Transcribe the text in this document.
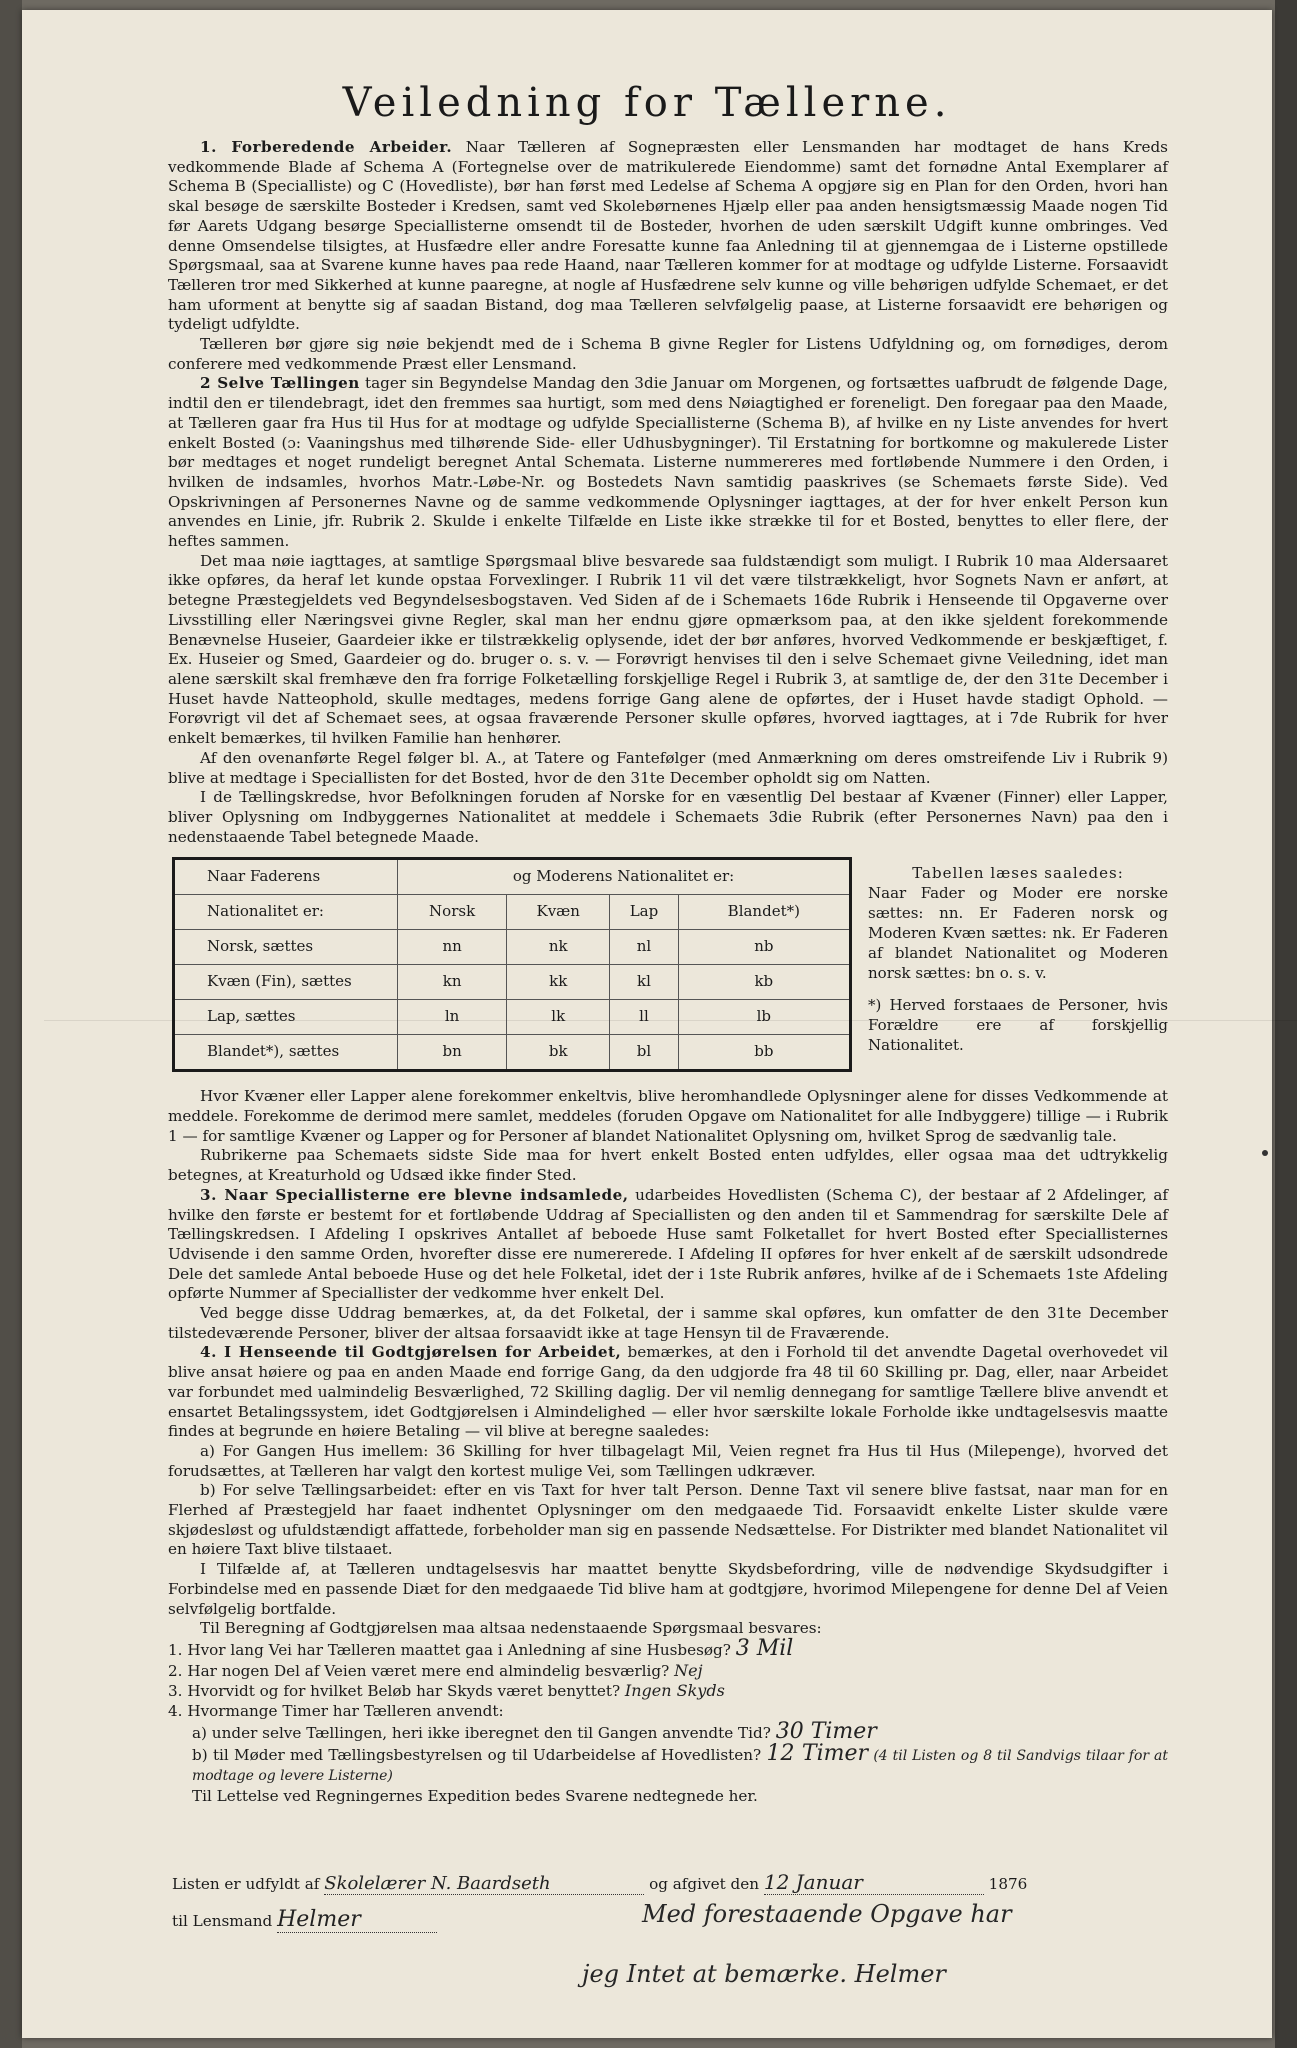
Veiledning for Tællerne.

1. Forberedende Arbeider. Naar Tælleren af Sognepræsten eller Lensmanden har modtaget de hans Kreds vedkommende Blade af Schema A (Fortegnelse over de matrikulerede Eiendomme) samt det fornødne Antal Exemplarer af Schema B (Specialliste) og C (Hovedliste), bør han først med Ledelse af Schema A opgjøre sig en Plan for den Orden, hvori han skal besøge de særskilte Bosteder i Kredsen, samt ved Skolebørnenes Hjælp eller paa anden hensigtsmæssig Maade nogen Tid før Aarets Udgang besørge Speciallisterne omsendt til de Bosteder, hvorhen de uden særskilt Udgift kunne ombringes. Ved denne Omsendelse tilsigtes, at Husfædre eller andre Foresatte kunne faa Anledning til at gjennemgaa de i Listerne opstillede Spørgsmaal, saa at Svarene kunne haves paa rede Haand, naar Tælleren kommer for at modtage og udfylde Listerne. Forsaavidt Tælleren tror med Sikkerhed at kunne paaregne, at nogle af Husfædrene selv kunne og ville behørigen udfylde Schemaet, er det ham uforment at benytte sig af saadan Bistand, dog maa Tælleren selvfølgelig paase, at Listerne forsaavidt ere behørigen og tydeligt udfyldte.

Tælleren bør gjøre sig nøie bekjendt med de i Schema B givne Regler for Listens Udfyldning og, om fornødiges, derom conferere med vedkommende Præst eller Lensmand.

2 Selve Tællingen tager sin Begyndelse Mandag den 3die Januar om Morgenen, og fortsættes uafbrudt de følgende Dage, indtil den er tilendebragt, idet den fremmes saa hurtigt, som med dens Nøiagtighed er foreneligt. Den foregaar paa den Maade, at Tælleren gaar fra Hus til Hus for at modtage og udfylde Speciallisterne (Schema B), af hvilke en ny Liste anvendes for hvert enkelt Bosted (ɔ: Vaaningshus med tilhørende Side- eller Udhusbygninger). Til Erstatning for bortkomne og makulerede Lister bør medtages et noget rundeligt beregnet Antal Schemata. Listerne nummereres med fortløbende Nummere i den Orden, i hvilken de indsamles, hvorhos Matr.-Løbe-Nr. og Bostedets Navn samtidig paaskrives (se Schemaets første Side). Ved Opskrivningen af Personernes Navne og de samme vedkommende Oplysninger iagttages, at der for hver enkelt Person kun anvendes en Linie, jfr. Rubrik 2. Skulde i enkelte Tilfælde en Liste ikke strække til for et Bosted, benyttes to eller flere, der heftes sammen.

Det maa nøie iagttages, at samtlige Spørgsmaal blive besvarede saa fuldstændigt som muligt. I Rubrik 10 maa Aldersaaret ikke opføres, da heraf let kunde opstaa Forvexlinger. I Rubrik 11 vil det være tilstrækkeligt, hvor Sognets Navn er anført, at betegne Præstegjeldets ved Begyndelsesbogstaven. Ved Siden af de i Schemaets 16de Rubrik i Henseende til Opgaverne over Livsstilling eller Næringsvei givne Regler, skal man her endnu gjøre opmærksom paa, at den ikke sjeldent forekommende Benævnelse Huseier, Gaardeier ikke er tilstrækkelig oplysende, idet der bør anføres, hvorved Vedkommende er beskjæftiget, f. Ex. Huseier og Smed, Gaardeier og do. bruger o. s. v. — Forøvrigt henvises til den i selve Schemaet givne Veiledning, idet man alene særskilt skal fremhæve den fra forrige Folketælling forskjellige Regel i Rubrik 3, at samtlige de, der den 31te December i Huset havde Natteophold, skulle medtages, medens forrige Gang alene de opførtes, der i Huset havde stadigt Ophold. — Forøvrigt vil det af Schemaet sees, at ogsaa fraværende Personer skulle opføres, hvorved iagttages, at i 7de Rubrik for hver enkelt bemærkes, til hvilken Familie han henhører.

Af den ovenanførte Regel følger bl. A., at Tatere og Fantefølger (med Anmærkning om deres omstreifende Liv i Rubrik 9) blive at medtage i Speciallisten for det Bosted, hvor de den 31te December opholdt sig om Natten.

I de Tællingskredse, hvor Befolkningen foruden af Norske for en væsentlig Del bestaar af Kvæner (Finner) eller Lapper, bliver Oplysning om Indbyggernes Nationalitet at meddele i Schemaets 3die Rubrik (efter Personernes Navn) paa den i nedenstaaende Tabel betegnede Maade.

Naar Faderens	og Moderens Nationalitet er:			
Nationalitet er:	Norsk	Kvæn	Lap	Blandet*)
Norsk, sættes	nn	nk	nl	nb
Kvæn (Fin), sættes	kn	kk	kl	kb
Lap, sættes	ln	lk	ll	lb
Blandet*), sættes	bn	bk	bl	bb

Tabellen læses saaledes:

Naar Fader og Moder ere norske sættes: nn. Er Faderen norsk og Moderen Kvæn sættes: nk. Er Faderen af blandet Nationalitet og Moderen norsk sættes: bn o. s. v.

*) Herved forstaaes de Personer, hvis Forældre ere af forskjellig Nationalitet.

Hvor Kvæner eller Lapper alene forekommer enkeltvis, blive heromhandlede Oplysninger alene for disses Vedkommende at meddele. Forekomme de derimod mere samlet, meddeles (foruden Opgave om Nationalitet for alle Indbyggere) tillige — i Rubrik 1 — for samtlige Kvæner og Lapper og for Personer af blandet Nationalitet Oplysning om, hvilket Sprog de sædvanlig tale.

Rubrikerne paa Schemaets sidste Side maa for hvert enkelt Bosted enten udfyldes, eller ogsaa maa det udtrykkelig betegnes, at Kreaturhold og Udsæd ikke finder Sted.

3. Naar Speciallisterne ere blevne indsamlede, udarbeides Hovedlisten (Schema C), der bestaar af 2 Afdelinger, af hvilke den første er bestemt for et fortløbende Uddrag af Speciallisten og den anden til et Sammendrag for særskilte Dele af Tællingskredsen. I Afdeling I opskrives Antallet af beboede Huse samt Folketallet for hvert Bosted efter Speciallisternes Udvisende i den samme Orden, hvorefter disse ere numererede. I Afdeling II opføres for hver enkelt af de særskilt udsondrede Dele det samlede Antal beboede Huse og det hele Folketal, idet der i 1ste Rubrik anføres, hvilke af de i Schemaets 1ste Afdeling opførte Nummer af Speciallister der vedkomme hver enkelt Del.

Ved begge disse Uddrag bemærkes, at, da det Folketal, der i samme skal opføres, kun omfatter de den 31te December tilstedeværende Personer, bliver der altsaa forsaavidt ikke at tage Hensyn til de Fraværende.

4. I Henseende til Godtgjørelsen for Arbeidet, bemærkes, at den i Forhold til det anvendte Dagetal overhovedet vil blive ansat høiere og paa en anden Maade end forrige Gang, da den udgjorde fra 48 til 60 Skilling pr. Dag, eller, naar Arbeidet var forbundet med ualmindelig Besværlighed, 72 Skilling daglig. Der vil nemlig dennegang for samtlige Tællere blive anvendt et ensartet Betalingssystem, idet Godtgjørelsen i Almindelighed — eller hvor særskilte lokale Forholde ikke undtagelsesvis maatte findes at begrunde en høiere Betaling — vil blive at beregne saaledes:

a) For Gangen Hus imellem: 36 Skilling for hver tilbagelagt Mil, Veien regnet fra Hus til Hus (Milepenge), hvorved det forudsættes, at Tælleren har valgt den kortest mulige Vei, som Tællingen udkræver.

b) For selve Tællingsarbeidet: efter en vis Taxt for hver talt Person. Denne Taxt vil senere blive fastsat, naar man for en Flerhed af Præstegjeld har faaet indhentet Oplysninger om den medgaaede Tid. Forsaavidt enkelte Lister skulde være skjødesløst og ufuldstændigt affattede, forbeholder man sig en passende Nedsættelse. For Distrikter med blandet Nationalitet vil en høiere Taxt blive tilstaaet.

I Tilfælde af, at Tælleren undtagelsesvis har maattet benytte Skydsbefordring, ville de nødvendige Skydsudgifter i Forbindelse med en passende Diæt for den medgaaede Tid blive ham at godtgjøre, hvorimod Milepengene for denne Del af Veien selvfølgelig bortfalde.

Til Beregning af Godtgjørelsen maa altsaa nedenstaaende Spørgsmaal besvares:

1. Hvor lang Vei har Tælleren maattet gaa i Anledning af sine Husbesøg? 3 Mil
2. Har nogen Del af Veien været mere end almindelig besværlig? Nej
3. Hvorvidt og for hvilket Beløb har Skyds været benyttet? Ingen Skyds
4. Hvormange Timer har Tælleren anvendt:
a) under selve Tællingen, heri ikke iberegnet den til Gangen anvendte Tid? 30 Timer
b) til Møder med Tællingsbestyrelsen og til Udarbeidelse af Hovedlisten? 12 Timer (4 til Listen og 8 til Sandvigs tilaar for at modtage og levere Listerne)
Til Lettelse ved Regningernes Expedition bedes Svarene nedtegnede her.
Listen er udfyldt af Skolelærer N. Baardseth	og afgivet den 12 Januar	1876
til Lensmand Helmer	Med forestaaende Opgave har
jeg Intet at bemærke. Helmer
